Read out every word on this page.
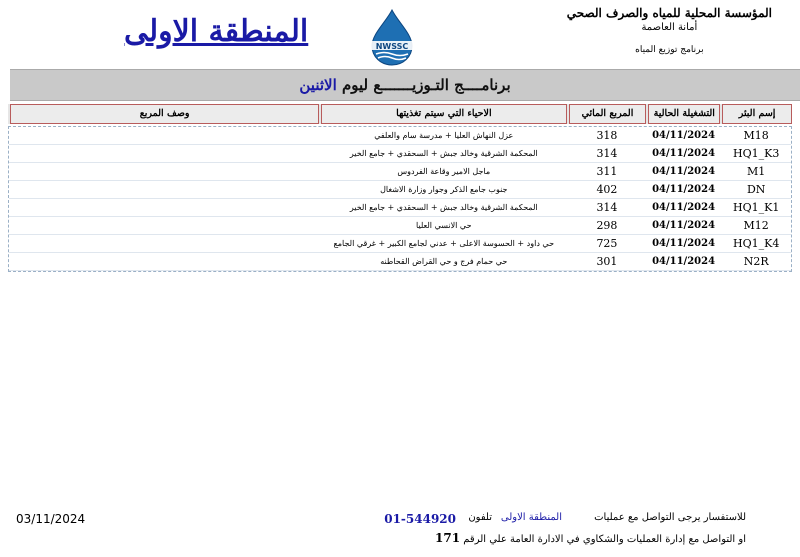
المؤسسة المحلية للمياه والصرف الصحي
أمانة العاصمة
برنامج توزيع المياه
NWSSC
المنطقة الاولى
برنامــــج التـوزيـــــــع ليوم الاثنين
إسم البئر
التشغيلة الحالية
المربع المائي
الاحياء التي سيتم تغذيتها
وصف المربع
M18
04/11/2024
318
عزل النهاش العليا + مدرسة سام والعلفي
HQ1_K3
04/11/2024
314
المحكمة الشرقية وخالد جبش + السحقدي + جامع الخير
M1
04/11/2024
311
ماجل الامير وقاعة الفردوس
DN
04/11/2024
402
جنوب جامع الذكر وجوار وزارة الاشغال
HQ1_K1
04/11/2024
314
المحكمة الشرقية وخالد جبش + السحقدي + جامع الخير
M12
04/11/2024
298
حي الانسي العليا
HQ1_K4
04/11/2024
725
حي داود + الحسوسة الاعلى + عدني لجامع الكبير + غرقي الجامع
N2R
04/11/2024
301
حي حمام فرج و حي القراض القحاطنه
03/11/2024	للاستفسار يرجى التواصل مع عمليات
المنطقة الاولى
تلفون
01-544920
او التواصل مع إدارة العمليات والشكاوي في الادارة العامة علي الرقم 171
